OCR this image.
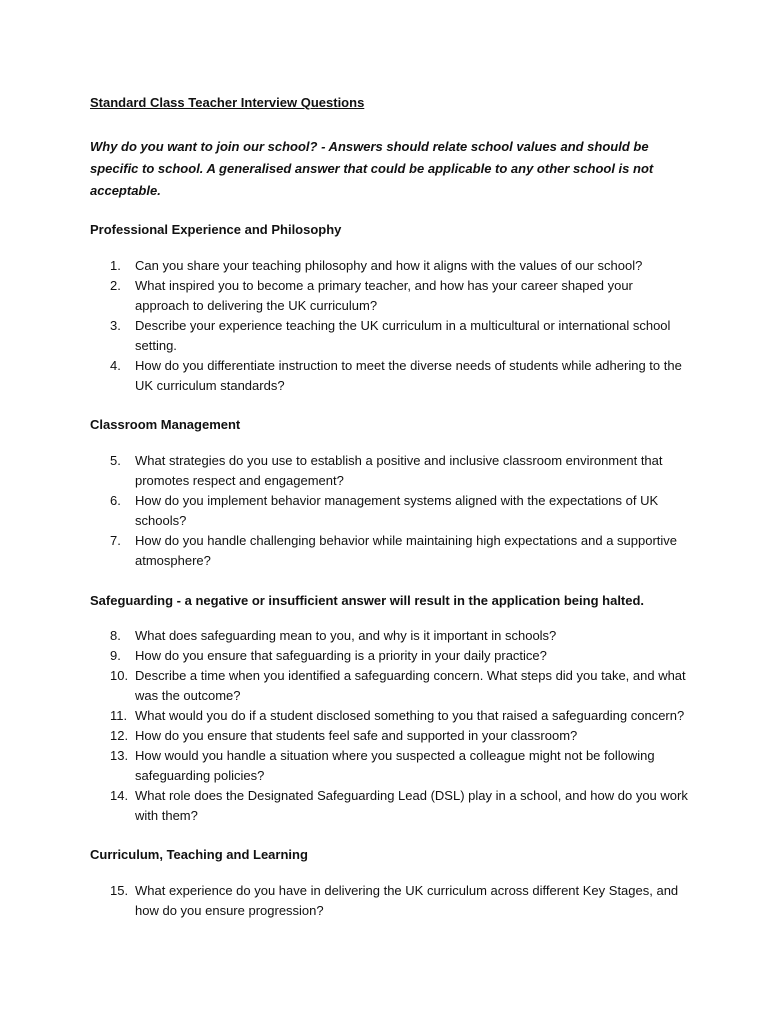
Standard Class Teacher Interview Questions

Why do you want to join our school? - Answers should relate school values and should be specific to school. A generalised answer that could be applicable to any other school is not acceptable.

Professional Experience and Philosophy

1.	Can you share your teaching philosophy and how it aligns with the values of our school?
2.	What inspired you to become a primary teacher, and how has your career shaped your approach to delivering the UK curriculum?
3.	Describe your experience teaching the UK curriculum in a multicultural or international school setting.
4.	How do you differentiate instruction to meet the diverse needs of students while adhering to the UK curriculum standards?

Classroom Management

5.	What strategies do you use to establish a positive and inclusive classroom environment that promotes respect and engagement?
6.	How do you implement behavior management systems aligned with the expectations of UK schools?
7.	How do you handle challenging behavior while maintaining high expectations and a supportive atmosphere?

Safeguarding - a negative or insufficient answer will result in the application being halted.

8.	What does safeguarding mean to you, and why is it important in schools?
9.	How do you ensure that safeguarding is a priority in your daily practice?
10. Describe a time when you identified a safeguarding concern. What steps did you take, and what was the outcome?
11. What would you do if a student disclosed something to you that raised a safeguarding concern?
12. How do you ensure that students feel safe and supported in your classroom?
13. How would you handle a situation where you suspected a colleague might not be following safeguarding policies?
14. What role does the Designated Safeguarding Lead (DSL) play in a school, and how do you work with them?

Curriculum, Teaching and Learning

15. What experience do you have in delivering the UK curriculum across different Key Stages, and how do you ensure progression?
